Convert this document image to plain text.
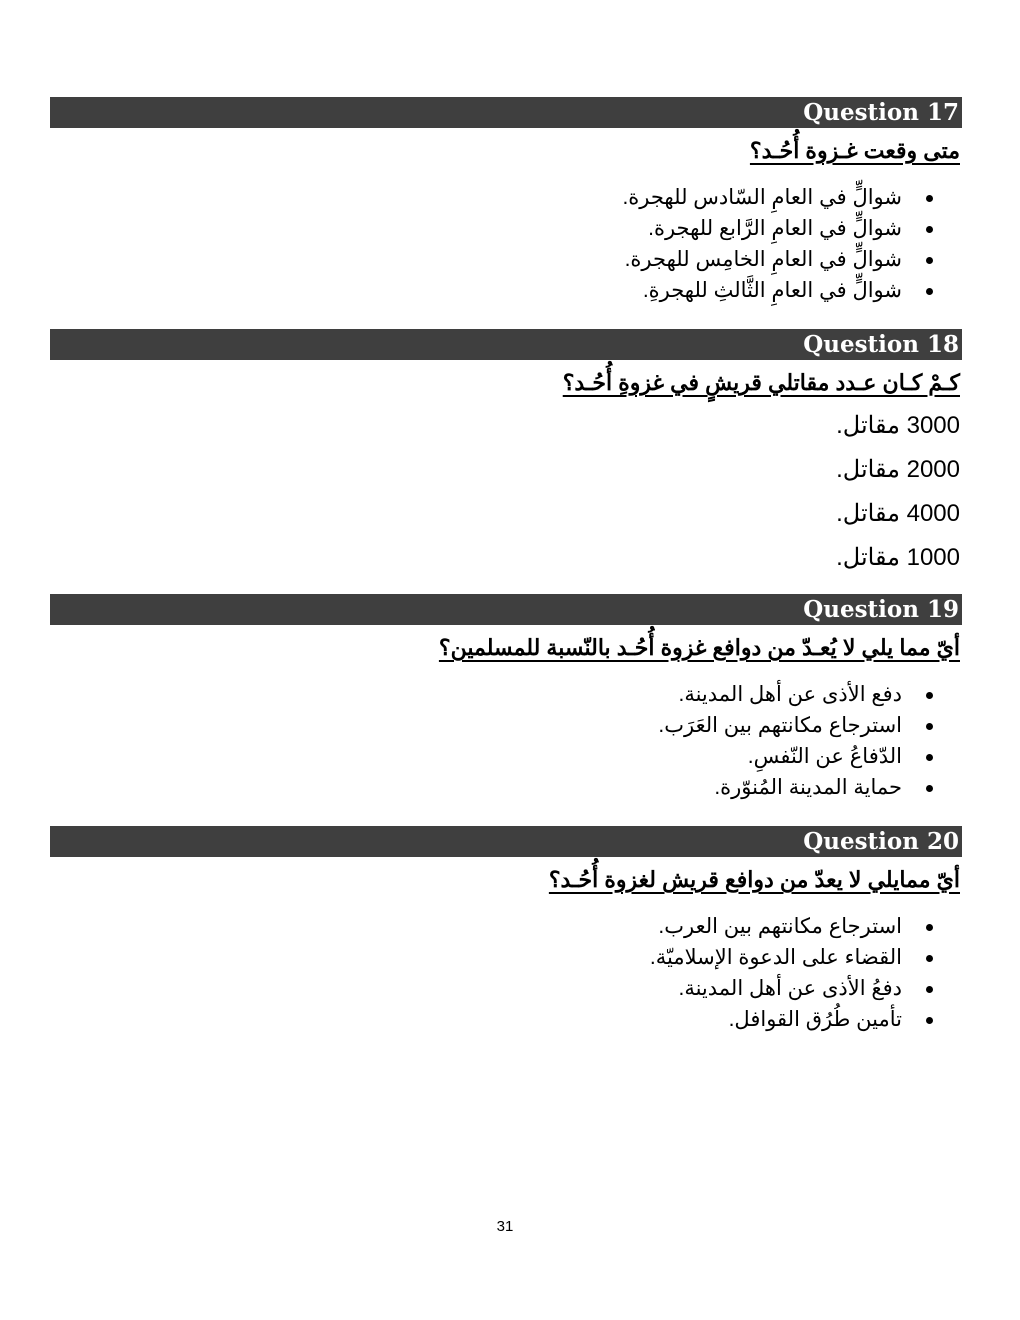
Question 17
متى وقعت غـزوة أُحُـد؟
شوالٍّ في العامِ السّادس للهجرة.
شوالٍّ في العامِ الرَّابع للهجرة.
شوالٍّ في العامِ الخامِس للهجرة.
شوالٍّ في العامِ الثَّالثِ للهجرةِ.
Question 18
كـمْ كـان عـدد مقاتلي قريشٍ في غزوةِ أُحُـد؟
3000 مقاتل.
2000 مقاتل.
4000 مقاتل.
1000 مقاتل.
Question 19
أيّ مما يلي لا يُعـدّ من دوافع غزوة أُحُـد بالنّسبة للمسلمين؟
دفع الأذى عن أهل المدينة.
استرجاع مكانتهم بين العَرَب.
الدّفاعُ عن النّفسِ.
حماية المدينة المُنوّرة.
Question 20
أيّ ممايلي لا يعدّ من دوافع قريش لغزوة أُحُـد؟
استرجاع مكانتهم بين العرب.
القضاء على الدعوة الإسلاميّة.
دفعُ الأذى عن أهل المدينة.
تأمين طُرُق القوافل.
31
